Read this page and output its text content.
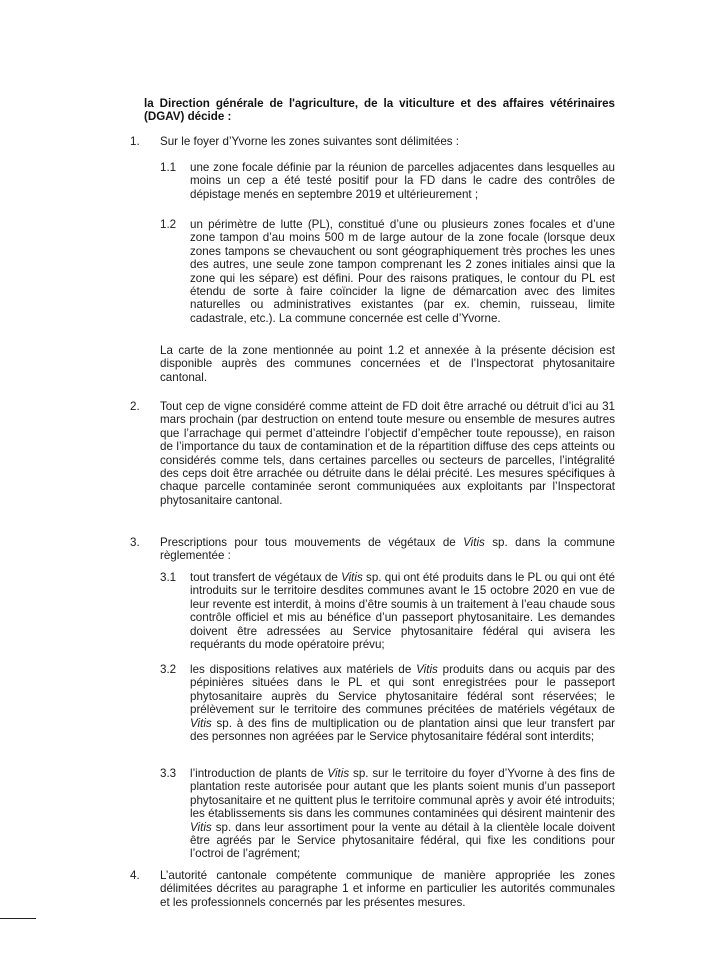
la Direction générale de l'agriculture, de la viticulture et des affaires vétérinaires (DGAV) décide :
1. Sur le foyer d’Yvorne les zones suivantes sont délimitées :
1.1 une zone focale définie par la réunion de parcelles adjacentes dans lesquelles au moins un cep a été testé positif pour la FD dans le cadre des contrôles de dépistage menés en septembre 2019 et ultérieurement ;
1.2 un périmètre de lutte (PL), constitué d’une ou plusieurs zones focales et d’une zone tampon d’au moins 500 m de large autour de la zone focale (lorsque deux zones tampons se chevauchent ou sont géographiquement très proches les unes des autres, une seule zone tampon comprenant les 2 zones initiales ainsi que la zone qui les sépare) est défini. Pour des raisons pratiques, le contour du PL est étendu de sorte à faire coïncider la ligne de démarcation avec des limites naturelles ou administratives existantes (par ex. chemin, ruisseau, limite cadastrale, etc.). La commune concernée est celle d’Yvorne.
La carte de la zone mentionnée au point 1.2 et annexée à la présente décision est disponible auprès des communes concernées et de l’Inspectorat phytosanitaire cantonal.
2. Tout cep de vigne considéré comme atteint de FD doit être arraché ou détruit d’ici au 31 mars prochain (par destruction on entend toute mesure ou ensemble de mesures autres que l’arrachage qui permet d’atteindre l’objectif d’empêcher toute repousse), en raison de l’importance du taux de contamination et de la répartition diffuse des ceps atteints ou considérés comme tels, dans certaines parcelles ou secteurs de parcelles, l’intégralité des ceps doit être arrachée ou détruite dans le délai précité. Les mesures spécifiques à chaque parcelle contaminée seront communiquées aux exploitants par l’Inspectorat phytosanitaire cantonal.
3. Prescriptions pour tous mouvements de végétaux de Vitis sp. dans la commune règlementée :
3.1 tout transfert de végétaux de Vitis sp. qui ont été produits dans le PL ou qui ont été introduits sur le territoire desdites communes avant le 15 octobre 2020 en vue de leur revente est interdit, à moins d’être soumis à un traitement à l’eau chaude sous contrôle officiel et mis au bénéfice d’un passeport phytosanitaire. Les demandes doivent être adressées au Service phytosanitaire fédéral qui avisera les requérants du mode opératoire prévu;
3.2 les dispositions relatives aux matériels de Vitis produits dans ou acquis par des pépinières situées dans le PL et qui sont enregistrées pour le passeport phytosanitaire auprès du Service phytosanitaire fédéral sont réservées; le prélèvement sur le territoire des communes précitées de matériels végétaux de Vitis sp. à des fins de multiplication ou de plantation ainsi que leur transfert par des personnes non agréées par le Service phytosanitaire fédéral sont interdits;
3.3 l’introduction de plants de Vitis sp. sur le territoire du foyer d’Yvorne à des fins de plantation reste autorisée pour autant que les plants soient munis d’un passeport phytosanitaire et ne quittent plus le territoire communal après y avoir été introduits; les établissements sis dans les communes contaminées qui désirent maintenir des Vitis sp. dans leur assortiment pour la vente au détail à la clientèle locale doivent être agréés par le Service phytosanitaire fédéral, qui fixe les conditions pour l’octroi de l’agrément;
4. L’autorité cantonale compétente communique de manière appropriée les zones délimitées décrites au paragraphe 1 et informe en particulier les autorités communales et les professionnels concernés par les présentes mesures.
